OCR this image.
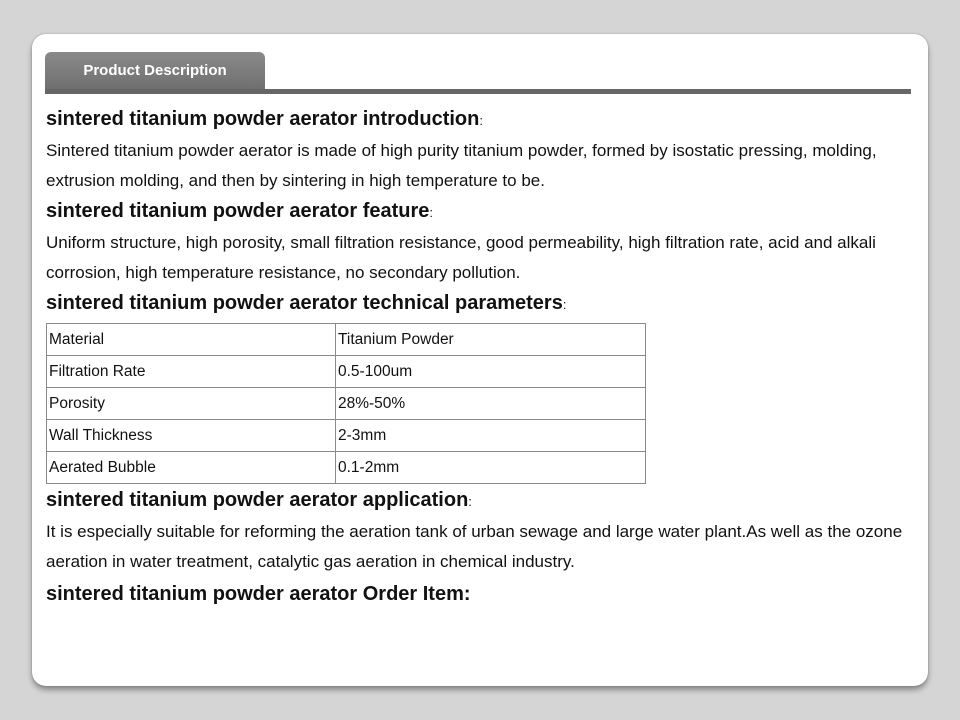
Product Description

sintered titanium powder aerator introduction:

Sintered titanium powder aerator is made of high purity titanium powder, formed by isostatic pressing, molding, extrusion molding, and then by sintering in high temperature to be.

sintered titanium powder aerator feature:

Uniform structure, high porosity, small filtration resistance, good permeability, high filtration rate, acid and alkali corrosion, high temperature resistance, no secondary pollution.

sintered titanium powder aerator technical parameters:

Material	Titanium Powder
Filtration Rate	0.5-100um
Porosity	28%-50%
Wall Thickness	2-3mm
Aerated Bubble	0.1-2mm

sintered titanium powder aerator application:

It is especially suitable for reforming the aeration tank of urban sewage and large water plant.As well as the ozone aeration in water treatment, catalytic gas aeration in chemical industry.

sintered titanium powder aerator Order Item:
